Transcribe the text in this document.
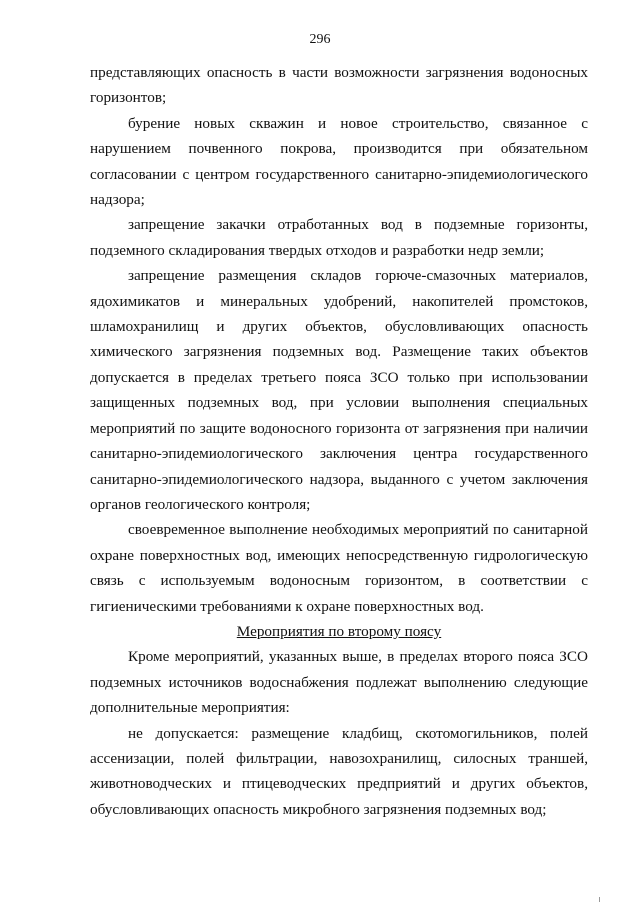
296

представляющих опасность в части возможности загрязнения водоносных горизонтов;

бурение новых скважин и новое строительство, связанное с нарушением почвенного покрова, производится при обязательном согласовании с центром государственного санитарно-эпидемиологического надзора;

запрещение закачки отработанных вод в подземные горизонты, подземного складирования твердых отходов и разработки недр земли;

запрещение размещения складов горюче-смазочных материалов, ядохимикатов и минеральных удобрений, накопителей промстоков, шламохранилищ и других объектов, обусловливающих опасность химического загрязнения подземных вод. Размещение таких объектов допускается в пределах третьего пояса ЗСО только при использовании защищенных подземных вод, при условии выполнения специальных мероприятий по защите водоносного горизонта от загрязнения при наличии санитарно-эпидемиологического заключения центра государственного санитарно-эпидемиологического надзора, выданного с учетом заключения органов геологического контроля;

своевременное выполнение необходимых мероприятий по санитарной охране поверхностных вод, имеющих непосредственную гидрологическую связь с используемым водоносным горизонтом, в соответствии с гигиеническими требованиями к охране поверхностных вод.

Мероприятия по второму поясу

Кроме мероприятий, указанных выше, в пределах второго пояса ЗСО подземных источников водоснабжения подлежат выполнению следующие дополнительные мероприятия:

не допускается: размещение кладбищ, скотомогильников, полей ассенизации, полей фильтрации, навозохранилищ, силосных траншей, животноводческих и птицеводческих предприятий и других объектов, обусловливающих опасность микробного загрязнения подземных вод;
